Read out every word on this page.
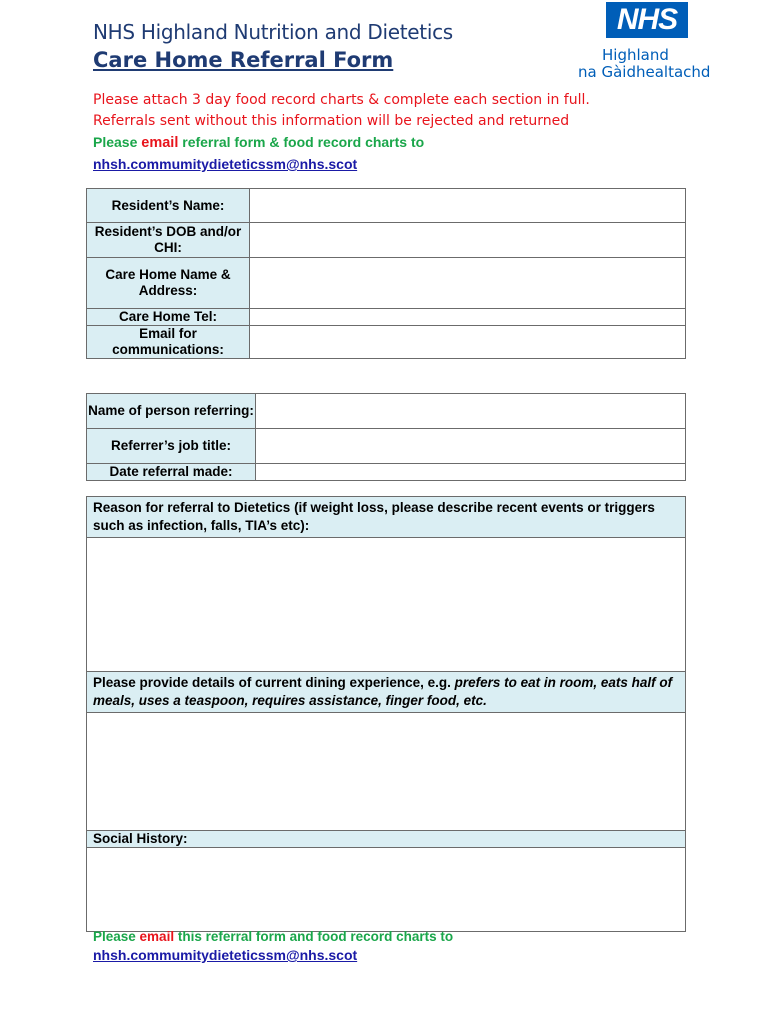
NHS Highland Nutrition and Dietetics
Care Home Referral Form
NHS
Highland
na Gàidhealtachd
Please attach 3 day food record charts & complete each section in full.
Referrals sent without this information will be rejected and returned
Please email referral form & food record charts to
nhsh.commumitydieteticssm@nhs.scot
Resident’s Name:	
Resident’s DOB and/or CHI:	
Care Home Name & Address:	
Care Home Tel:	
Email for communications:	
Name of person referring:	
Referrer’s job title:	
Date referral made:	
Reason for referral to Dietetics (if weight loss, please describe recent events or triggers such as infection, falls, TIA’s etc):

Please provide details of current dining experience, e.g. prefers to eat in room, eats half of meals, uses a teaspoon, requires assistance, finger food, etc.

Social History:

Please email this referral form and food record charts to
nhsh.commumitydieteticssm@nhs.scot
